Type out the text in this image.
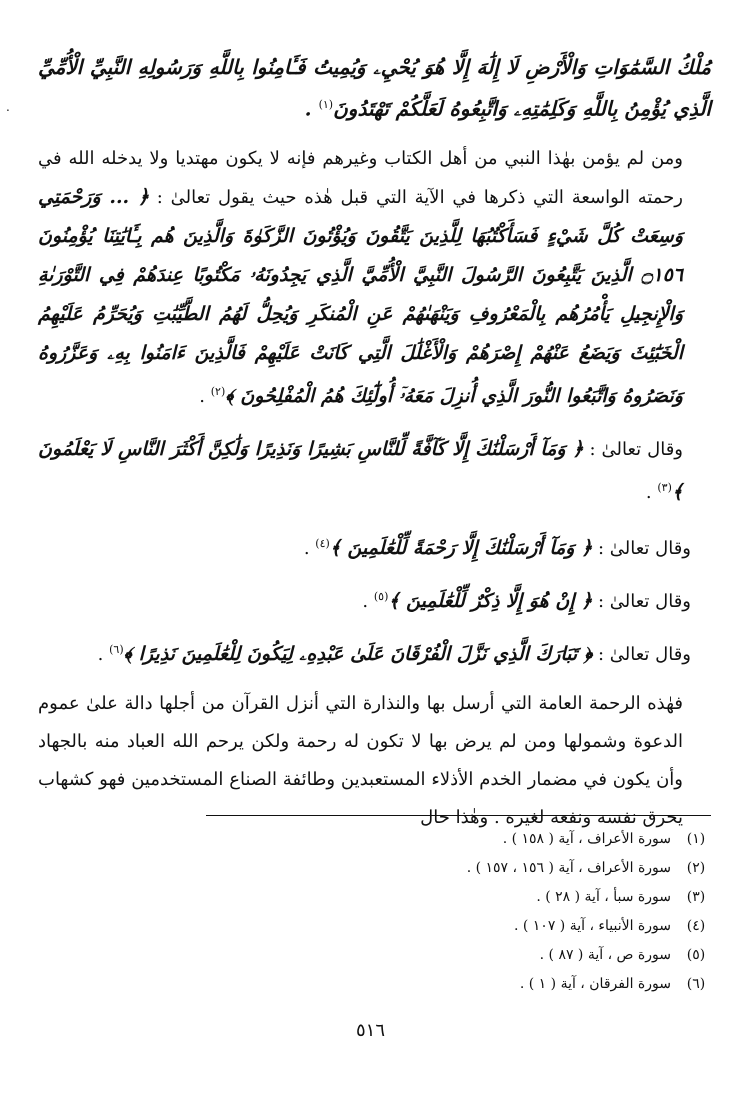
.

مُلْكُ السَّمَٰوَاتِ وَالْأَرْضِ لَا إِلَٰهَ إِلَّا هُوَ يُحْيِۦ وَيُمِيتُ فَـَٔامِنُوا بِاللَّهِ وَرَسُولِهِ النَّبِيِّ الْأُمِّيِّ الَّذِي يُؤْمِنُ بِاللَّهِ وَكَلِمَٰتِهِۦ وَاتَّبِعُوهُ لَعَلَّكُمْ تَهْتَدُونَ$^{(١)}$ .

ومن لم يؤمن بهٰذا النبي من أهل الكتاب وغيرهم فإنه لا يكون مهتديا ولا يدخله الله في رحمته الواسعة التي ذكرها في الآية التي قبل هٰذه حيث يقول تعالىٰ : ﴿ ... وَرَحْمَتِي وَسِعَتْ كُلَّ شَيْءٍ فَسَأَكْتُبُهَا لِلَّذِينَ يَتَّقُونَ وَيُؤْتُونَ الزَّكَوٰةَ وَالَّذِينَ هُم بِـَٔايَٰتِنَا يُؤْمِنُونَ ۝١٥٦ الَّذِينَ يَتَّبِعُونَ الرَّسُولَ النَّبِيَّ الْأُمِّيَّ الَّذِي يَجِدُونَهُۥ مَكْتُوبًا عِندَهُمْ فِي التَّوْرَىٰةِ وَالْإِنجِيلِ يَأْمُرُهُم بِالْمَعْرُوفِ وَيَنْهَىٰهُمْ عَنِ الْمُنكَرِ وَيُحِلُّ لَهُمُ الطَّيِّبَٰتِ وَيُحَرِّمُ عَلَيْهِمُ الْخَبَٰٓئِثَ وَيَضَعُ عَنْهُمْ إِصْرَهُمْ وَالْأَغْلَٰلَ الَّتِي كَانَتْ عَلَيْهِمْ فَالَّذِينَ ءَامَنُوا بِهِۦ وَعَزَّرُوهُ وَنَصَرُوهُ وَاتَّبَعُوا النُّورَ الَّذِي أُنزِلَ مَعَهُۥٓ أُولَٰٓئِكَ هُمُ الْمُفْلِحُونَ ﴾$^{(٢)}$ .

وقال تعالىٰ : ﴿ وَمَآ أَرْسَلْنَٰكَ إِلَّا كَآفَّةً لِّلنَّاسِ بَشِيرًا وَنَذِيرًا وَلَٰكِنَّ أَكْثَرَ النَّاسِ لَا يَعْلَمُونَ ﴾$^{(٣)}$ .

وقال تعالىٰ : ﴿ وَمَآ أَرْسَلْنَٰكَ إِلَّا رَحْمَةً لِّلْعَٰلَمِينَ ﴾$^{(٤)}$ .

وقال تعالىٰ : ﴿ إِنْ هُوَ إِلَّا ذِكْرٌ لِّلْعَٰلَمِينَ ﴾$^{(٥)}$ .

وقال تعالىٰ : ﴿ تَبَارَكَ الَّذِي نَزَّلَ الْفُرْقَانَ عَلَىٰ عَبْدِهِۦ لِيَكُونَ لِلْعَٰلَمِينَ نَذِيرًا ﴾$^{(٦)}$ .

فهٰذه الرحمة العامة التي أرسل بها والنذارة التي أنزل القرآن من أجلها دالة علىٰ عموم الدعوة وشمولها ومن لم يرض بها لا تكون له رحمة ولكن يرحم الله العباد منه بالجهاد وأن يكون في مضمار الخدم الأذلاء المستعبدين وطائفة الصناع المستخدمين فهو كشهاب يحرق نفسه ونفعه لغيره . وهٰذا حال

(١)
سورة الأعراف ، آية ( ١٥٨ ) .
(٢)
سورة الأعراف ، آية ( ١٥٦ ، ١٥٧ ) .
(٣)
سورة سبأ ، آية ( ٢٨ ) .
(٤)
سورة الأنبياء ، آية ( ١٠٧ ) .
(٥)
سورة ص ، آية ( ٨٧ ) .
(٦)
سورة الفرقان ، آية ( ١ ) .
٥١٦
